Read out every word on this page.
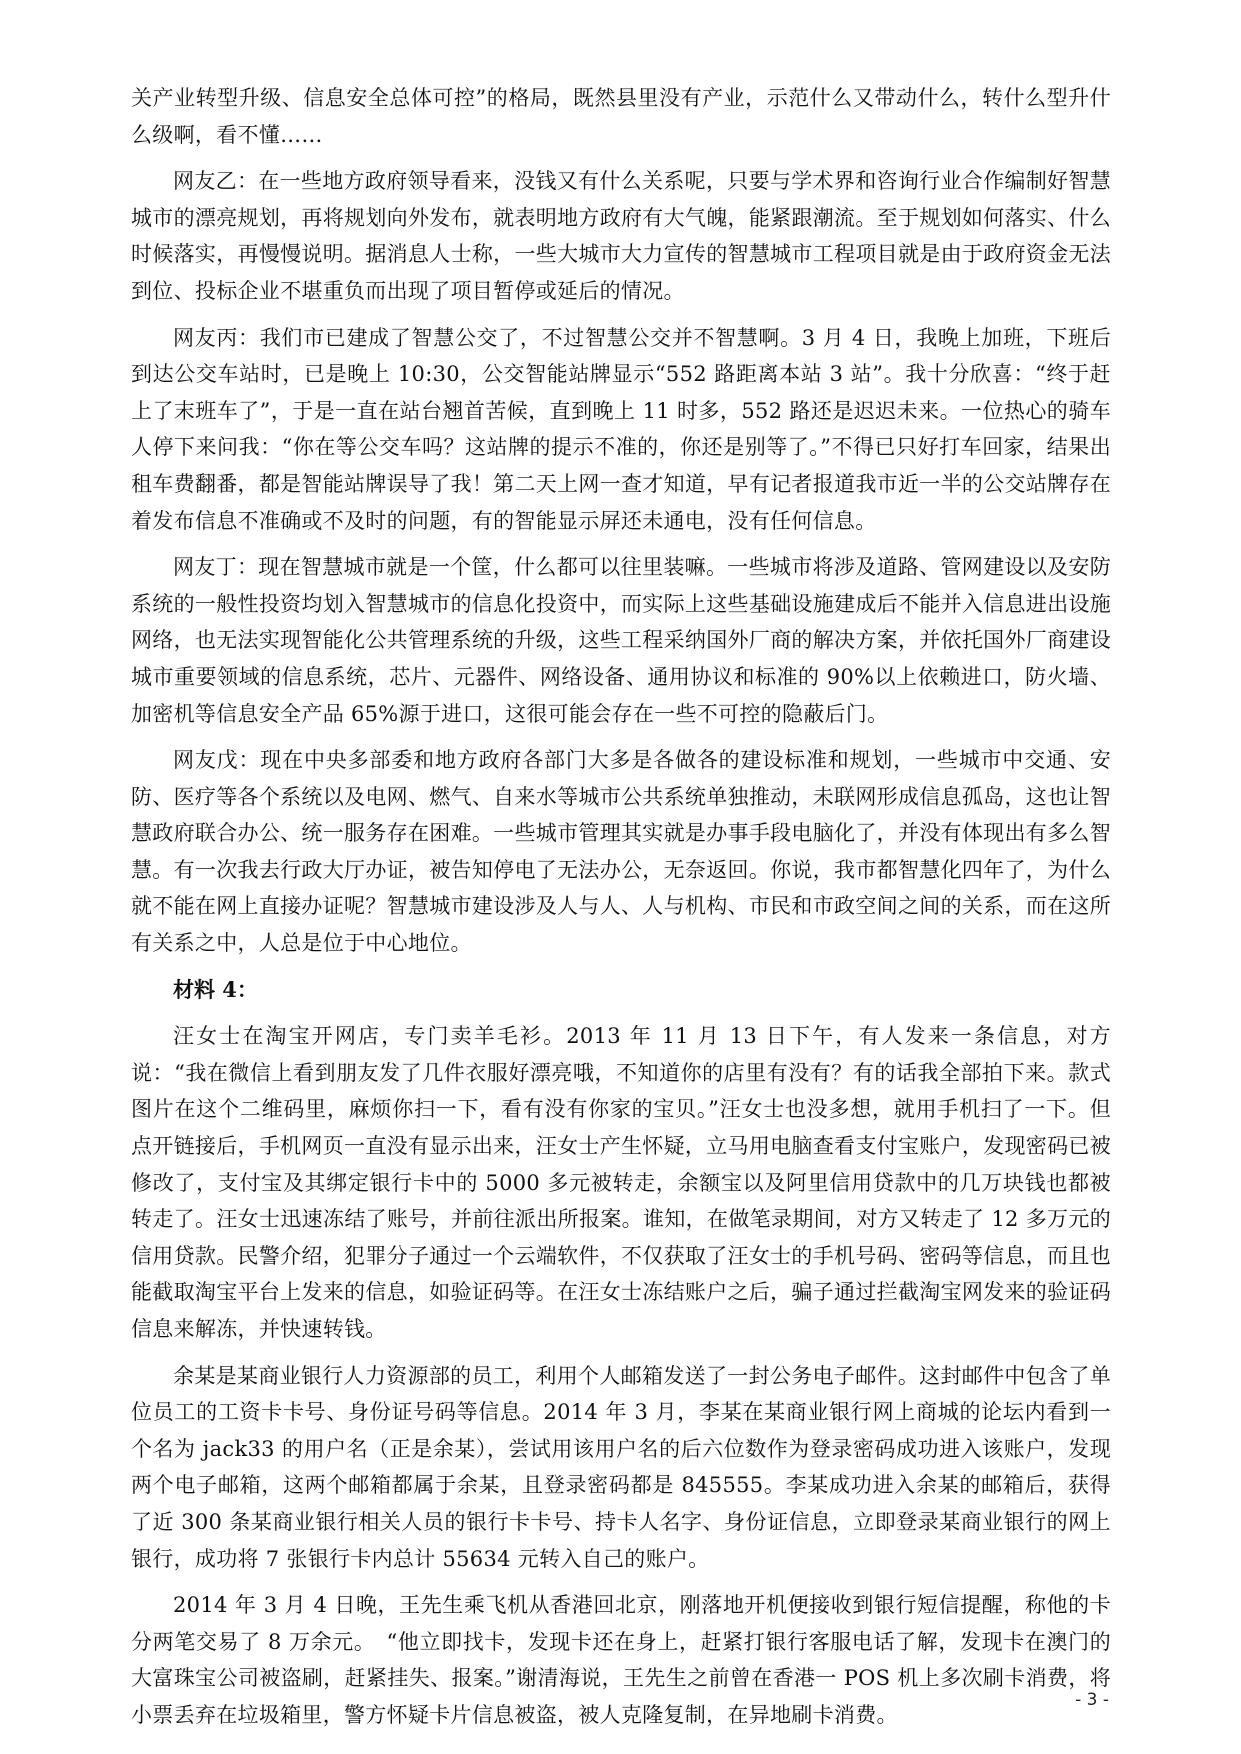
关产业转型升级、信息安全总体可控”的格局，既然县里没有产业，示范什么又带动什么，转什么型升什么级啊，看不懂……

网友乙：在一些地方政府领导看来，没钱又有什么关系呢，只要与学术界和咨询行业合作编制好智慧城市的漂亮规划，再将规划向外发布，就表明地方政府有大气魄，能紧跟潮流。至于规划如何落实、什么时候落实，再慢慢说明。据消息人士称，一些大城市大力宣传的智慧城市工程项目就是由于政府资金无法到位、投标企业不堪重负而出现了项目暂停或延后的情况。

网友丙：我们市已建成了智慧公交了，不过智慧公交并不智慧啊。3 月 4 日，我晚上加班，下班后到达公交车站时，已是晚上 10:30，公交智能站牌显示“552 路距离本站 3 站”。我十分欣喜：“终于赶上了末班车了”，于是一直在站台翘首苦候，直到晚上 11 时多，552 路还是迟迟未来。一位热心的骑车人停下来问我：“你在等公交车吗？这站牌的提示不准的，你还是别等了。”不得已只好打车回家，结果出租车费翻番，都是智能站牌误导了我！第二天上网一查才知道，早有记者报道我市近一半的公交站牌存在着发布信息不准确或不及时的问题，有的智能显示屏还未通电，没有任何信息。

网友丁：现在智慧城市就是一个筐，什么都可以往里装嘛。一些城市将涉及道路、管网建设以及安防系统的一般性投资均划入智慧城市的信息化投资中，而实际上这些基础设施建成后不能并入信息进出设施网络，也无法实现智能化公共管理系统的升级，这些工程采纳国外厂商的解决方案，并依托国外厂商建设城市重要领域的信息系统，芯片、元器件、网络设备、通用协议和标准的 90%以上依赖进口，防火墙、加密机等信息安全产品 65%源于进口，这很可能会存在一些不可控的隐蔽后门。

网友戊：现在中央多部委和地方政府各部门大多是各做各的建设标准和规划，一些城市中交通、安防、医疗等各个系统以及电网、燃气、自来水等城市公共系统单独推动，未联网形成信息孤岛，这也让智慧政府联合办公、统一服务存在困难。一些城市管理其实就是办事手段电脑化了，并没有体现出有多么智慧。有一次我去行政大厅办证，被告知停电了无法办公，无奈返回。你说，我市都智慧化四年了，为什么就不能在网上直接办证呢？智慧城市建设涉及人与人、人与机构、市民和市政空间之间的关系，而在这所有关系之中，人总是位于中心地位。

材料 4：

汪女士在淘宝开网店，专门卖羊毛衫。2013 年 11 月 13 日下午，有人发来一条信息，对方说：“我在微信上看到朋友发了几件衣服好漂亮哦，不知道你的店里有没有？有的话我全部拍下来。款式图片在这个二维码里，麻烦你扫一下，看有没有你家的宝贝。”汪女士也没多想，就用手机扫了一下。但点开链接后，手机网页一直没有显示出来，汪女士产生怀疑，立马用电脑查看支付宝账户，发现密码已被修改了，支付宝及其绑定银行卡中的 5000 多元被转走，余额宝以及阿里信用贷款中的几万块钱也都被转走了。汪女士迅速冻结了账号，并前往派出所报案。谁知，在做笔录期间，对方又转走了 12 多万元的信用贷款。民警介绍，犯罪分子通过一个云端软件，不仅获取了汪女士的手机号码、密码等信息，而且也能截取淘宝平台上发来的信息，如验证码等。在汪女士冻结账户之后，骗子通过拦截淘宝网发来的验证码信息来解冻，并快速转钱。

余某是某商业银行人力资源部的员工，利用个人邮箱发送了一封公务电子邮件。这封邮件中包含了单位员工的工资卡卡号、身份证号码等信息。2014 年 3 月，李某在某商业银行网上商城的论坛内看到一个名为 jack33 的用户名（正是余某），尝试用该用户名的后六位数作为登录密码成功进入该账户，发现两个电子邮箱，这两个邮箱都属于余某，且登录密码都是 845555。李某成功进入余某的邮箱后，获得了近 300 条某商业银行相关人员的银行卡卡号、持卡人名字、身份证信息，立即登录某商业银行的网上银行，成功将 7 张银行卡内总计 55634 元转入自己的账户。

2014 年 3 月 4 日晚，王先生乘飞机从香港回北京，刚落地开机便接收到银行短信提醒，称他的卡分两笔交易了 8 万余元。　“他立即找卡，发现卡还在身上，赶紧打银行客服电话了解，发现卡在澳门的大富珠宝公司被盗刷，赶紧挂失、报案。”谢清海说，王先生之前曾在香港一 POS 机上多次刷卡消费，将小票丢弃在垃圾箱里，警方怀疑卡片信息被盗，被人克隆复制，在异地刷卡消费。

- 3 -
